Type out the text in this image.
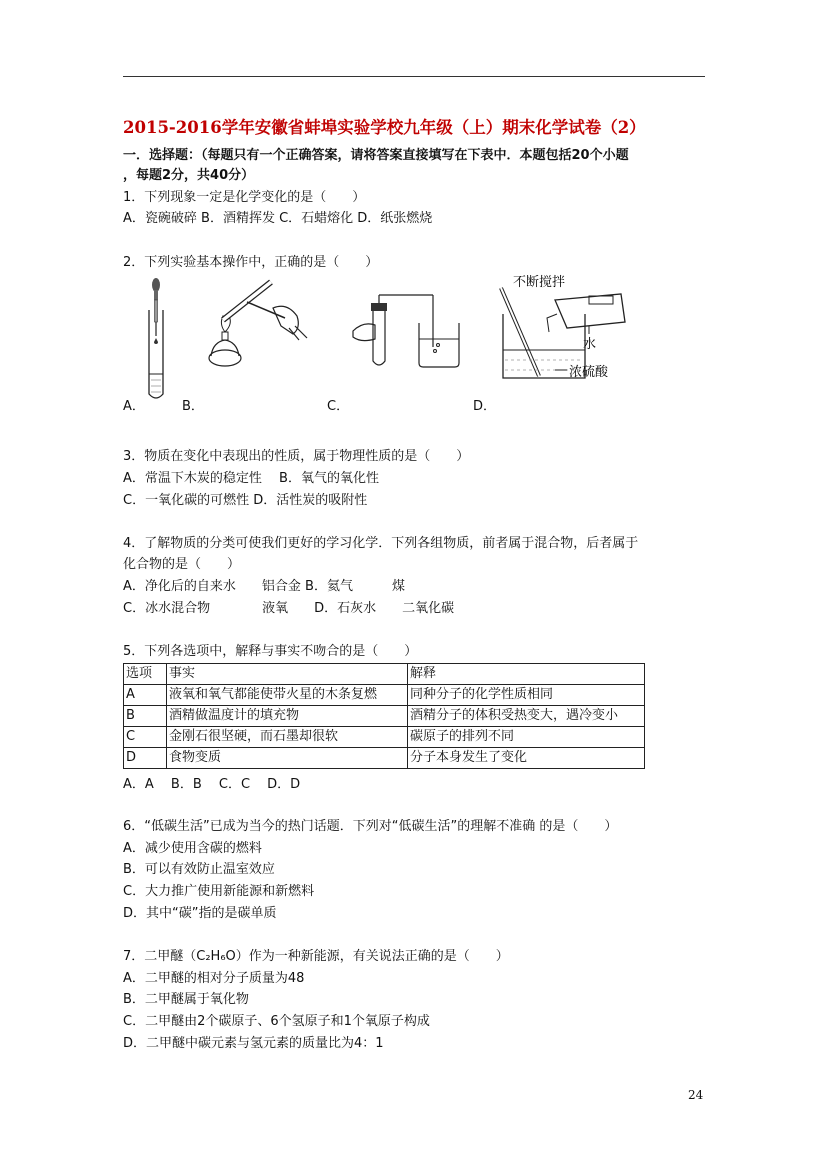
2015-2016学年安徽省蚌埠实验学校九年级（上）期末化学试卷（2）
一．选择题：（每题只有一个正确答案，请将答案直接填写在下表中．本题包括20个小题
，每题2分，共40分）
1．下列现象一定是化学变化的是（　　）
A．瓷碗破碎 B．酒精挥发 C．石蜡熔化 D．纸张燃烧
2．下列实验基本操作中，正确的是（　　）
不断搅拌
水
浓硫酸
A．	B．	C．	D．
3．物质在变化中表现出的性质，属于物理性质的是（　　）
A．常温下木炭的稳定性　 B．氧气的氧化性
C．一氧化碳的可燃性 D．活性炭的吸附性
4．了解物质的分类可使我们更好的学习化学．下列各组物质，前者属于混合物，后者属于
化合物的是（　　）
A．净化后的自来水　　铝合金 B．氦气　　　煤
C．冰水混合物　　　　液氧　　D．石灰水　　二氧化碳
5．下列各选项中，解释与事实不吻合的是（　　）
选项	事实	解释
A	液氧和氧气都能使带火星的木条复燃	同种分子的化学性质相同
B	酒精做温度计的填充物	酒精分子的体积受热变大，遇冷变小
C	金刚石很坚硬，而石墨却很软	碳原子的排列不同
D	食物变质	分子本身发生了变化
A．A　 B．B　 C．C　 D．D
6．“低碳生活”已成为当今的热门话题．下列对“低碳生活”的理解不准确 的是（　　）
A．减少使用含碳的燃料
B．可以有效防止温室效应
C．大力推广使用新能源和新燃料
D．其中“碳”指的是碳单质
7．二甲醚（C₂H₆O）作为一种新能源，有关说法正确的是（　　）
A．二甲醚的相对分子质量为48
B．二甲醚属于氧化物
C．二甲醚由2个碳原子、6个氢原子和1个氧原子构成
D．二甲醚中碳元素与氢元素的质量比为4：1
24
